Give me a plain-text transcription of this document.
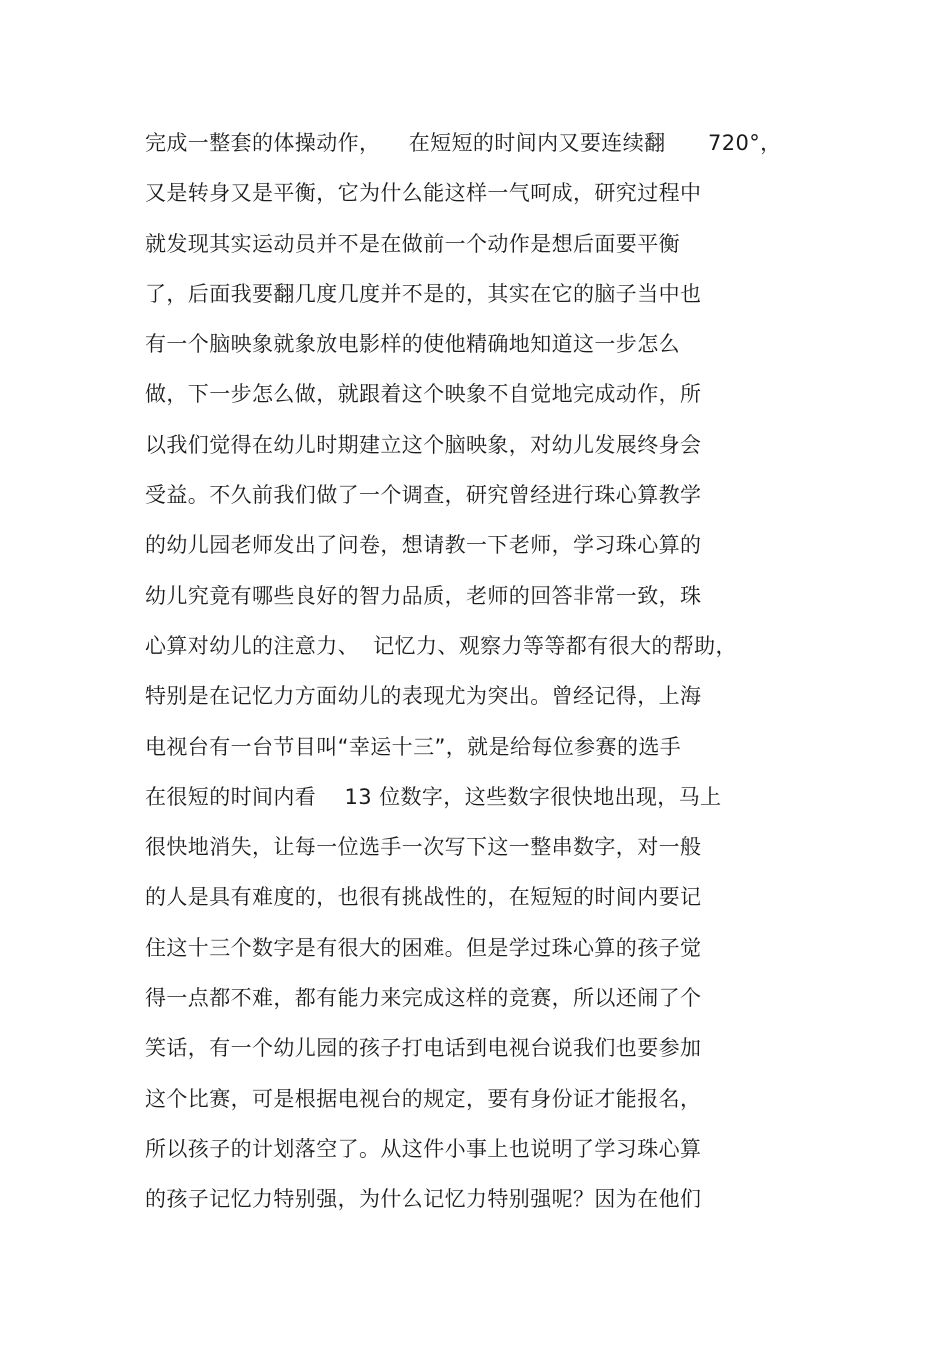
完成一整套的体操动作，    在短短的时间内又要连续翻      720°，
又是转身又是平衡，它为什么能这样一气呵成，研究过程中
就发现其实运动员并不是在做前一个动作是想后面要平衡
了，后面我要翻几度几度并不是的，其实在它的脑子当中也
有一个脑映象就象放电影样的使他精确地知道这一步怎么
做，下一步怎么做，就跟着这个映象不自觉地完成动作，所
以我们觉得在幼儿时期建立这个脑映象，对幼儿发展终身会
受益。不久前我们做了一个调查，研究曾经进行珠心算教学
的幼儿园老师发出了问卷，想请教一下老师，学习珠心算的
幼儿究竟有哪些良好的智力品质，老师的回答非常一致，珠
心算对幼儿的注意力、  记忆力、观察力等等都有很大的帮助，
特别是在记忆力方面幼儿的表现尤为突出。曾经记得，上海
电视台有一台节目叫“幸运十三”，就是给每位参赛的选手
在很短的时间内看    13 位数字，这些数字很快地出现，马上
很快地消失，让每一位选手一次写下这一整串数字，对一般
的人是具有难度的，也很有挑战性的，在短短的时间内要记
住这十三个数字是有很大的困难。但是学过珠心算的孩子觉
得一点都不难，都有能力来完成这样的竞赛，所以还闹了个
笑话，有一个幼儿园的孩子打电话到电视台说我们也要参加
这个比赛，可是根据电视台的规定，要有身份证才能报名，
所以孩子的计划落空了。从这件小事上也说明了学习珠心算
的孩子记忆力特别强，为什么记忆力特别强呢？因为在他们
